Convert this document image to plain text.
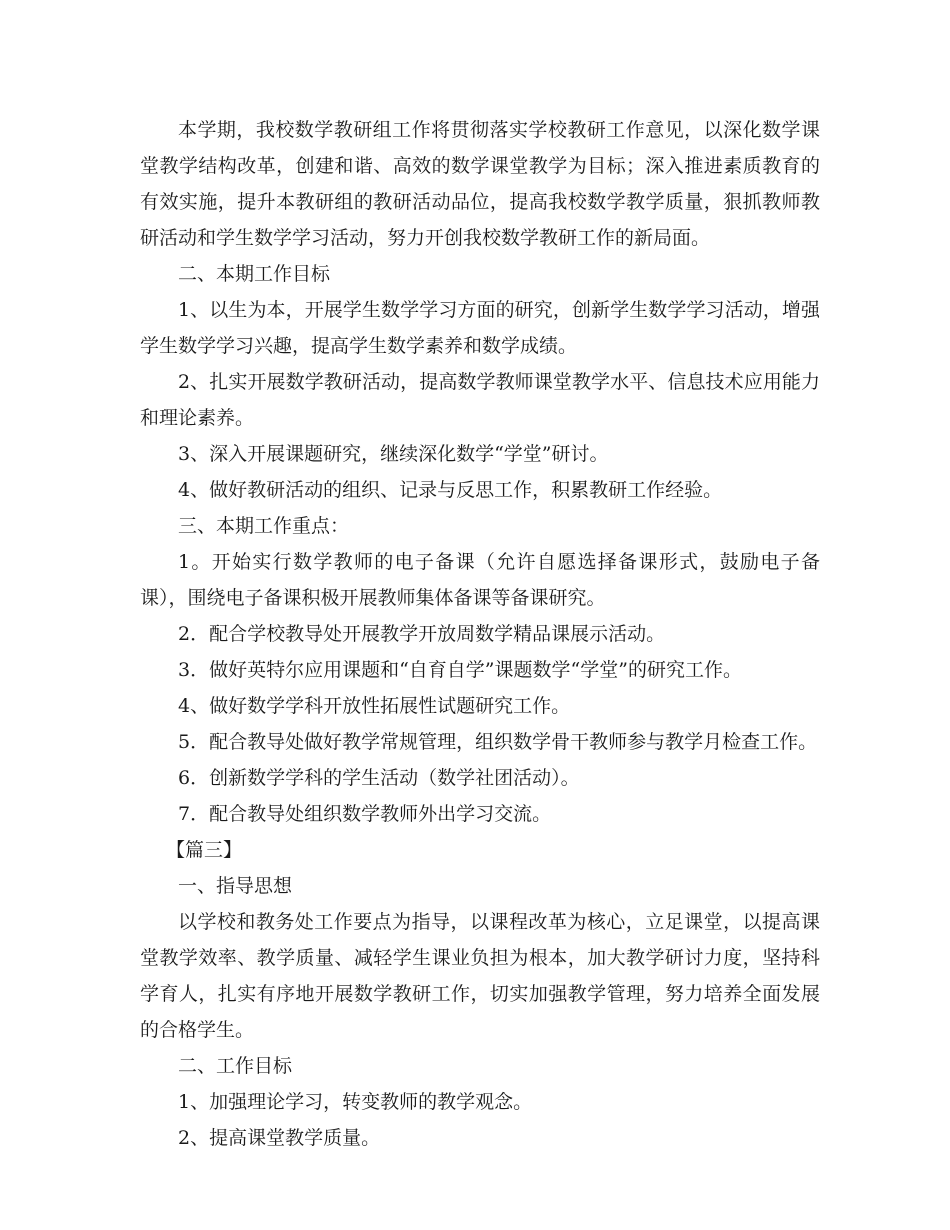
本学期，我校数学教研组工作将贯彻落实学校教研工作意见，以深化数学课堂教学结构改革，创建和谐、高效的数学课堂教学为目标；深入推进素质教育的有效实施，提升本教研组的教研活动品位，提高我校数学教学质量，狠抓教师教研活动和学生数学学习活动，努力开创我校数学教研工作的新局面。

二、本期工作目标

1、以生为本，开展学生数学学习方面的研究，创新学生数学学习活动，增强学生数学学习兴趣，提高学生数学素养和数学成绩。

2、扎实开展数学教研活动，提高数学教师课堂教学水平、信息技术应用能力和理论素养。

3、深入开展课题研究，继续深化数学“学堂”研讨。

4、做好教研活动的组织、记录与反思工作，积累教研工作经验。

三、本期工作重点：

1。开始实行数学教师的电子备课（允许自愿选择备课形式，鼓励电子备课），围绕电子备课积极开展教师集体备课等备课研究。

2．配合学校教导处开展教学开放周数学精品课展示活动。

3．做好英特尔应用课题和“自育自学”课题数学“学堂”的研究工作。

4、做好数学学科开放性拓展性试题研究工作。

5．配合教导处做好教学常规管理，组织数学骨干教师参与教学月检查工作。

6．创新数学学科的学生活动（数学社团活动）。

7．配合教导处组织数学教师外出学习交流。

【篇三】

一、指导思想

以学校和教务处工作要点为指导，以课程改革为核心，立足课堂，以提高课堂教学效率、教学质量、减轻学生课业负担为根本，加大教学研讨力度，坚持科学育人，扎实有序地开展数学教研工作，切实加强教学管理，努力培养全面发展的合格学生。

二、工作目标

1、加强理论学习，转变教师的教学观念。

2、提高课堂教学质量。
